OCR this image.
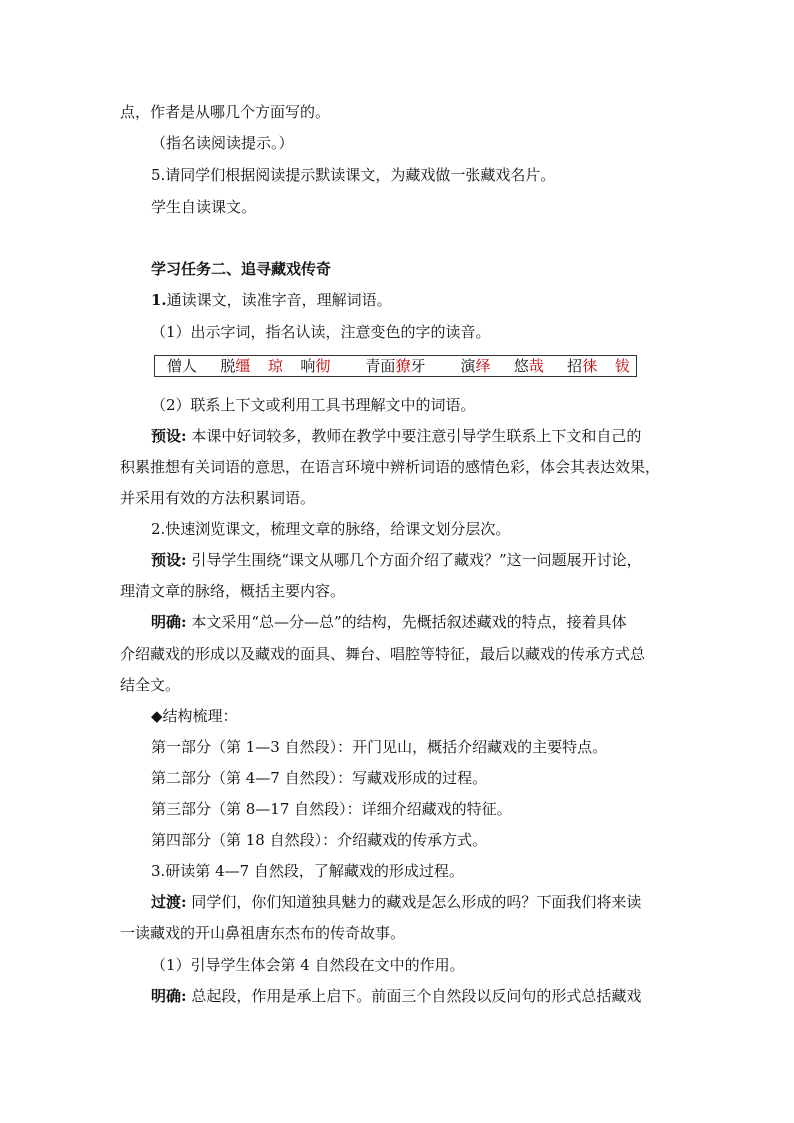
点，作者是从哪几个方面写的。
（指名读阅读提示。）
5.请同学们根据阅读提示默读课文，为藏戏做一张藏戏名片。
学生自读课文。
学习任务二、追寻藏戏传奇
1.通读课文，读准字音，理解词语。
（1）出示字词，指名认读，注意变色的字的读音。
僧人	脱缰	琼	响彻	青面獠牙	演绎	悠哉	招徕	钹
（2）联系上下文或利用工具书理解文中的词语。
预设: 本课中好词较多，教师在教学中要注意引导学生联系上下文和自己的
积累推想有关词语的意思，在语言环境中辨析词语的感情色彩，体会其表达效果，
并采用有效的方法积累词语。
2.快速浏览课文，梳理文章的脉络，给课文划分层次。
预设: 引导学生围绕“课文从哪几个方面介绍了藏戏？”这一问题展开讨论，
理清文章的脉络，概括主要内容。
明确: 本文采用“总—分—总”的结构，先概括叙述藏戏的特点，接着具体
介绍藏戏的形成以及藏戏的面具、舞台、唱腔等特征，最后以藏戏的传承方式总
结全文。
◆结构梳理：
第一部分（第 1—3 自然段）：开门见山，概括介绍藏戏的主要特点。
第二部分（第 4—7 自然段）：写藏戏形成的过程。
第三部分（第 8—17 自然段）：详细介绍藏戏的特征。
第四部分（第 18 自然段）：介绍藏戏的传承方式。
3.研读第 4—7 自然段，了解藏戏的形成过程。
过渡: 同学们，你们知道独具魅力的藏戏是怎么形成的吗？下面我们将来读
一读藏戏的开山鼻祖唐东杰布的传奇故事。
（1）引导学生体会第 4 自然段在文中的作用。
明确: 总起段，作用是承上启下。前面三个自然段以反问句的形式总括藏戏
